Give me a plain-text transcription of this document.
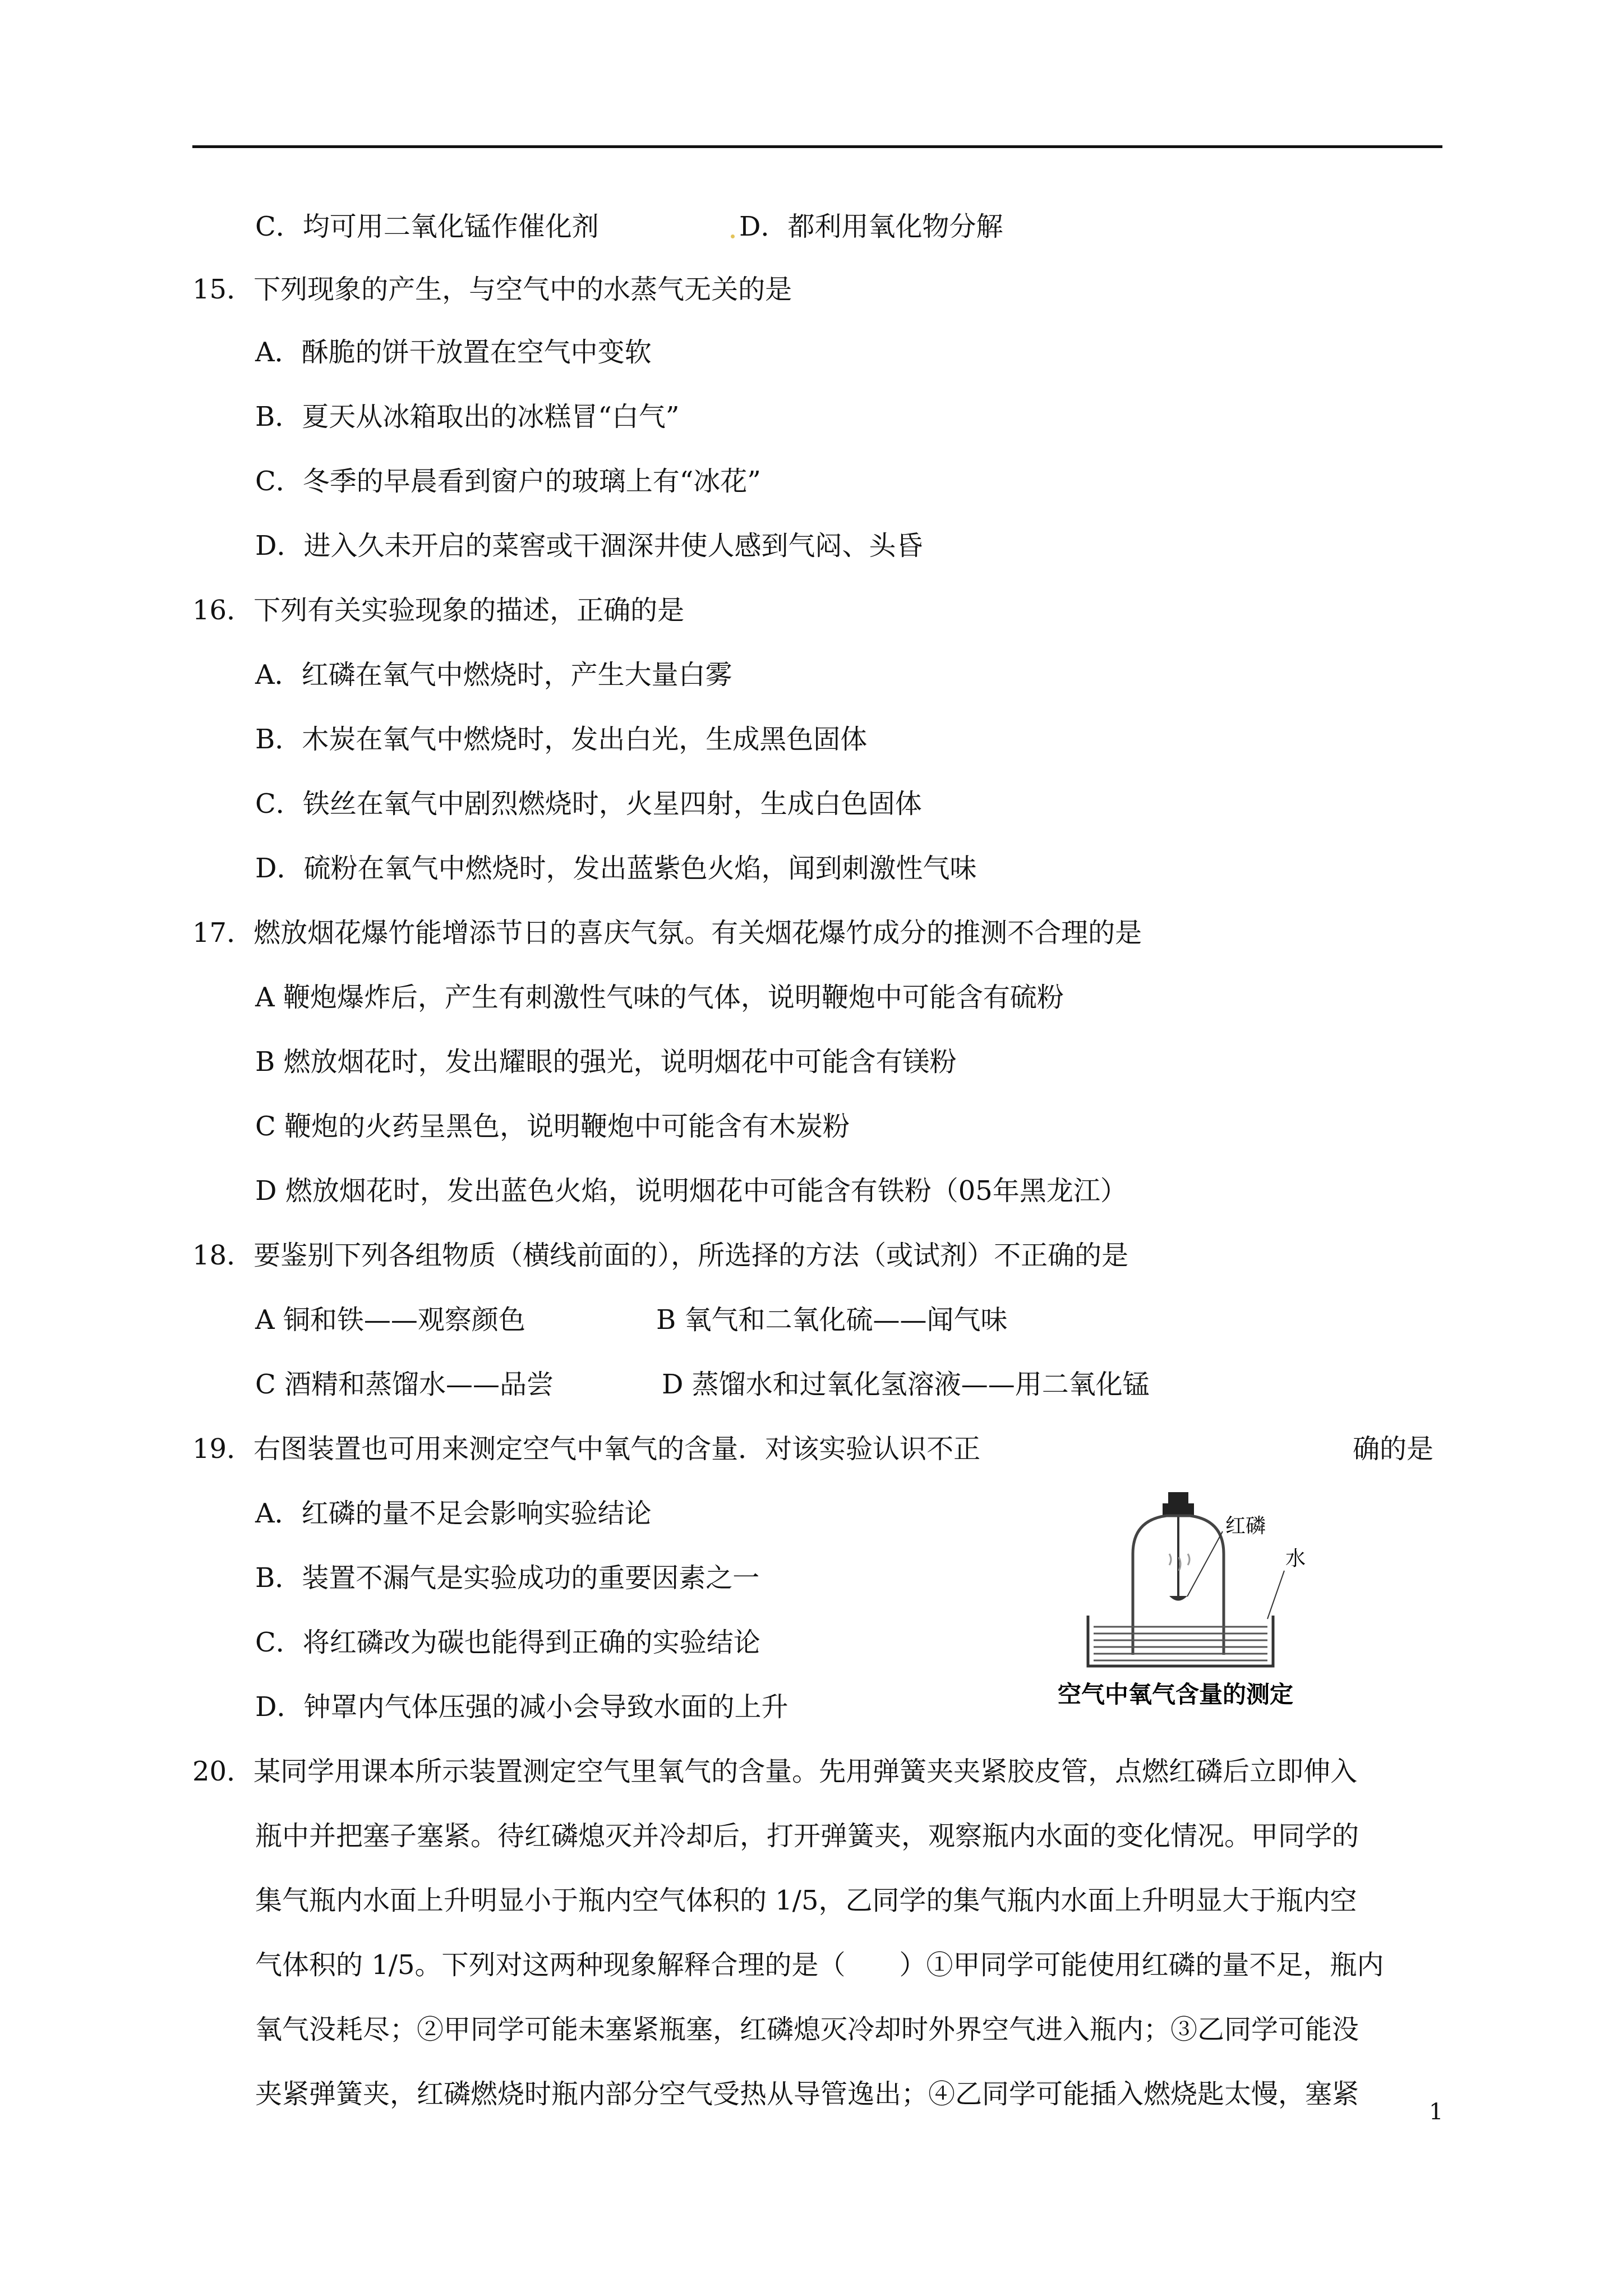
C．均可用二氧化锰作催化剂	D．都利用氧化物分解
15．下列现象的产生，与空气中的水蒸气无关的是
A．酥脆的饼干放置在空气中变软
B．夏天从冰箱取出的冰糕冒“白气”
C．冬季的早晨看到窗户的玻璃上有“冰花”
D．进入久未开启的菜窖或干涸深井使人感到气闷、头昏
16．下列有关实验现象的描述，正确的是
A．红磷在氧气中燃烧时，产生大量白雾
B．木炭在氧气中燃烧时，发出白光，生成黑色固体
C．铁丝在氧气中剧烈燃烧时，火星四射，生成白色固体
D．硫粉在氧气中燃烧时，发出蓝紫色火焰，闻到刺激性气味
17．燃放烟花爆竹能增添节日的喜庆气氛。有关烟花爆竹成分的推测不合理的是
A 鞭炮爆炸后，产生有刺激性气味的气体，说明鞭炮中可能含有硫粉
B 燃放烟花时，发出耀眼的强光，说明烟花中可能含有镁粉
C 鞭炮的火药呈黑色，说明鞭炮中可能含有木炭粉
D 燃放烟花时，发出蓝色火焰，说明烟花中可能含有铁粉（05年黑龙江）
18．要鉴别下列各组物质（横线前面的），所选择的方法（或试剂）不正确的是
A 铜和铁——观察颜色	B 氧气和二氧化硫——闻气味
C 酒精和蒸馏水——品尝	D 蒸馏水和过氧化氢溶液——用二氧化锰
19．右图装置也可用来测定空气中氧气的含量．对该实验认识不正	确的是
A．红磷的量不足会影响实验结论
B．装置不漏气是实验成功的重要因素之一
C．将红磷改为碳也能得到正确的实验结论
D．钟罩内气体压强的减小会导致水面的上升
红磷
水
空气中氧气含量的测定
20．某同学用课本所示装置测定空气里氧气的含量。先用弹簧夹夹紧胶皮管，点燃红磷后立即伸入
瓶中并把塞子塞紧。待红磷熄灭并冷却后，打开弹簧夹，观察瓶内水面的变化情况。甲同学的
集气瓶内水面上升明显小于瓶内空气体积的 1/5，乙同学的集气瓶内水面上升明显大于瓶内空
气体积的 1/5。下列对这两种现象解释合理的是（　　）①甲同学可能使用红磷的量不足，瓶内
氧气没耗尽；②甲同学可能未塞紧瓶塞，红磷熄灭冷却时外界空气进入瓶内；③乙同学可能没
夹紧弹簧夹，红磷燃烧时瓶内部分空气受热从导管逸出；④乙同学可能插入燃烧匙太慢，塞紧
1
